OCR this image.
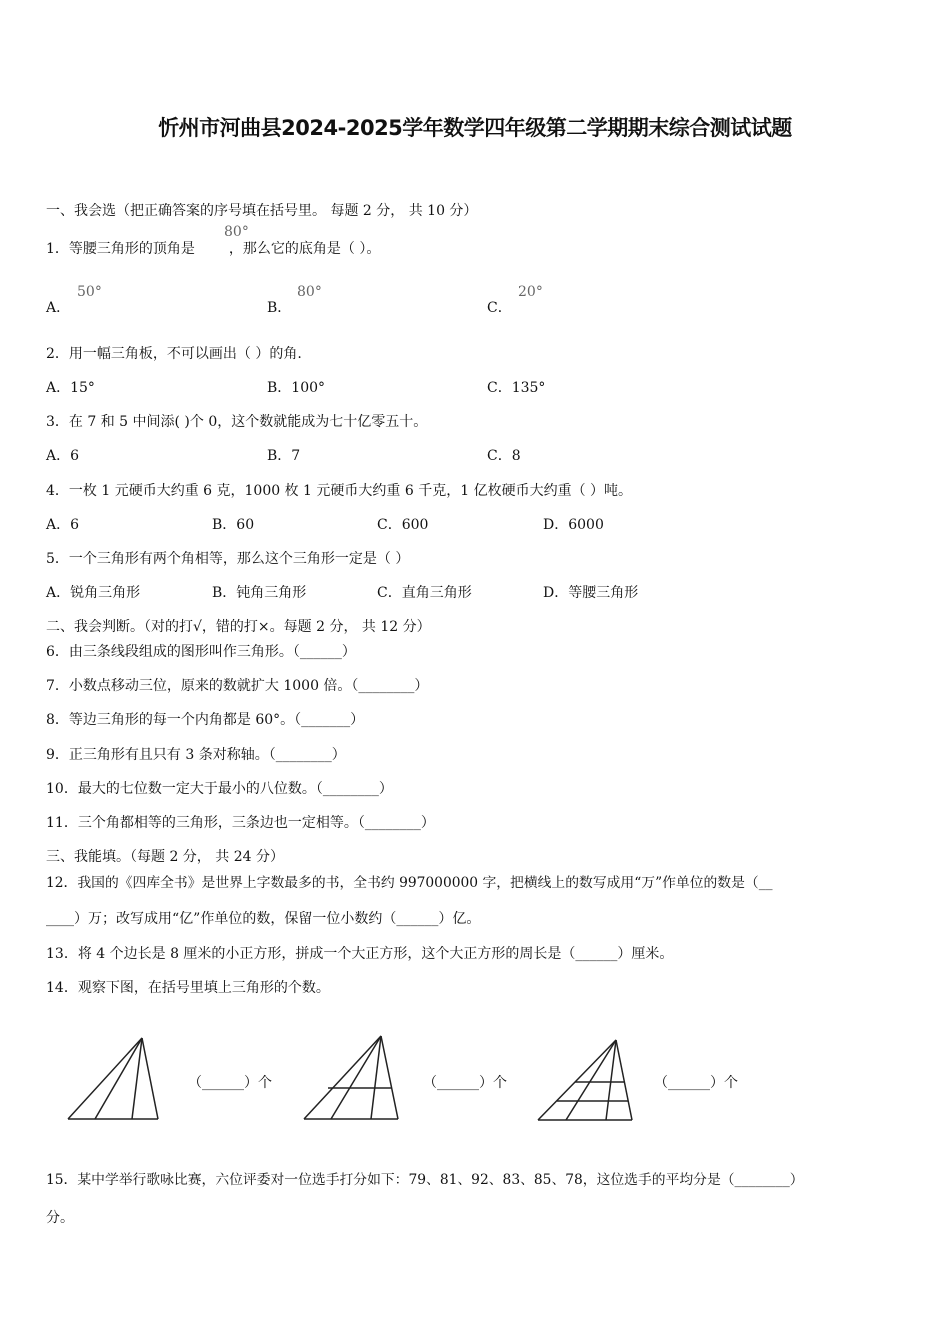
忻州市河曲县2024-2025学年数学四年级第二学期期末综合测试试题
一、我会选（把正确答案的序号填在括号里。 每题 2 分， 共 10 分）
1．等腰三角形的顶角是 ，那么它的底角是（ ）。
80°
A．
50°
B．
80°
C．
20°
2．用一幅三角板，不可以画出（ ）的角.
A．15°	B．100°	C．135°
3．在 7 和 5 中间添( )个 0，这个数就能成为七十亿零五十。
A．6	B．7	C．8
4．一枚 1 元硬币大约重 6 克，1000 枚 1 元硬币大约重 6 千克，1 亿枚硬币大约重（ ）吨。
A．6	B．60	C．600	D．6000
5．一个三角形有两个角相等，那么这个三角形一定是（ ）
A．锐角三角形	B．钝角三角形	C．直角三角形	D．等腰三角形
二、我会判断。（对的打√，错的打×。每题 2 分， 共 12 分）
6．由三条线段组成的图形叫作三角形。（______）
7．小数点移动三位，原来的数就扩大 1000 倍。（________）
8．等边三角形的每一个内角都是 60°。（_______）
9．正三角形有且只有 3 条对称轴。（________）
10．最大的七位数一定大于最小的八位数。（________）
11．三个角都相等的三角形，三条边也一定相等。（________）
三、我能填。（每题 2 分， 共 24 分）
12．我国的《四库全书》是世界上字数最多的书，全书约 997000000 字，把横线上的数写成用“万”作单位的数是（__
____）万；改写成用“亿”作单位的数，保留一位小数约（______）亿。
13．将 4 个边长是 8 厘米的小正方形，拼成一个大正方形，这个大正方形的周长是（______）厘米。
14．观察下图，在括号里填上三角形的个数。
（______）个	（______）个	（______）个
15．某中学举行歌咏比赛，六位评委对一位选手打分如下：79、81、92、83、85、78，这位选手的平均分是（________）
分。
